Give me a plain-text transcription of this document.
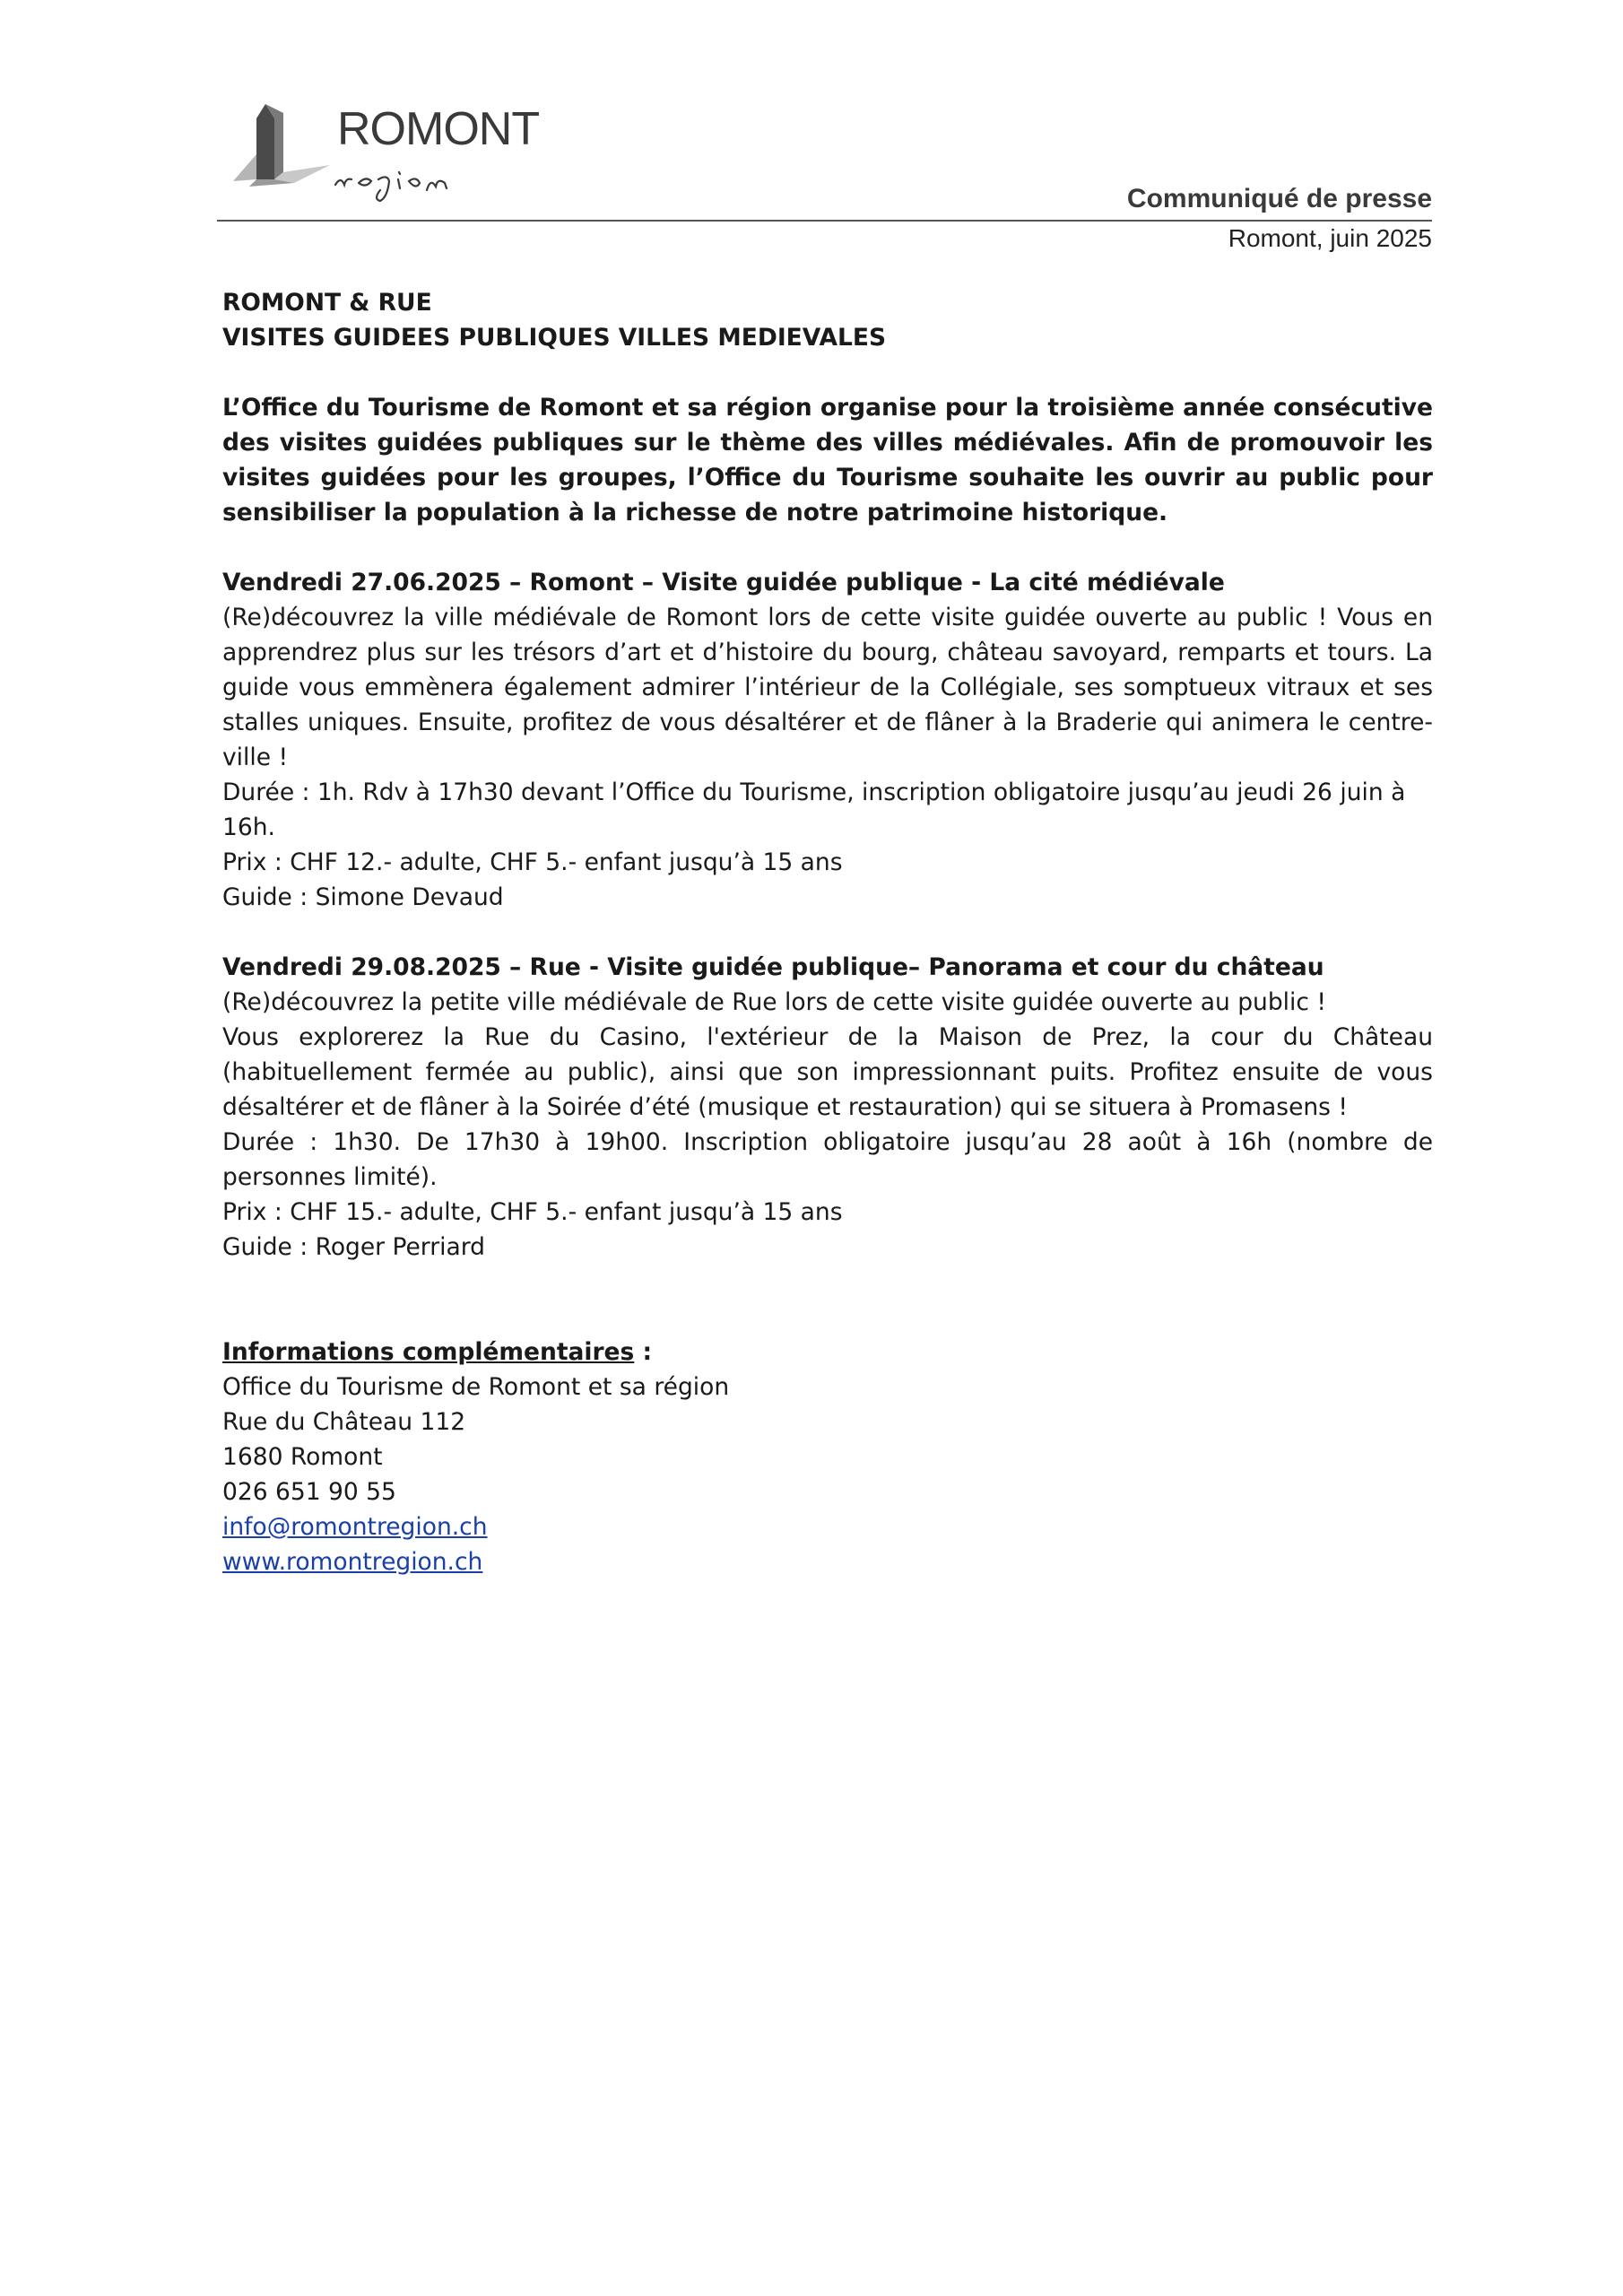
ROMONT
Communiqué de presse
Romont, juin 2025

ROMONT & RUE

VISITES GUIDEES PUBLIQUES VILLES MEDIEVALES

L’Office du Tourisme de Romont et sa région organise pour la troisième année consécutive des visites guidées publiques sur le thème des villes médiévales. Afin de promouvoir les visites guidées pour les groupes, l’Office du Tourisme souhaite les ouvrir au public pour sensibiliser la population à la richesse de notre patrimoine historique.

Vendredi 27.06.2025 – Romont – Visite guidée publique - La cité médiévale

(Re)découvrez la ville médiévale de Romont lors de cette visite guidée ouverte au public ! Vous en apprendrez plus sur les trésors d’art et d’histoire du bourg, château savoyard, remparts et tours. La guide vous emmènera également admirer l’intérieur de la Collégiale, ses somptueux vitraux et ses stalles uniques. Ensuite, profitez de vous désaltérer et de flâner à la Braderie qui animera le centre-ville !

Durée : 1h. Rdv à 17h30 devant l’Office du Tourisme, inscription obligatoire jusqu’au jeudi 26 juin à 16h.

Prix : CHF 12.- adulte, CHF 5.- enfant jusqu’à 15 ans

Guide : Simone Devaud

Vendredi 29.08.2025 – Rue - Visite guidée publique– Panorama et cour du château

(Re)découvrez la petite ville médiévale de Rue lors de cette visite guidée ouverte au public !

Vous explorerez la Rue du Casino, l'extérieur de la Maison de Prez, la cour du Château (habituellement fermée au public), ainsi que son impressionnant puits. Profitez ensuite de vous désaltérer et de flâner à la Soirée d’été (musique et restauration) qui se situera à Promasens !

Durée : 1h30. De 17h30 à 19h00. Inscription obligatoire jusqu’au 28 août à 16h (nombre de personnes limité).

Prix : CHF 15.- adulte, CHF 5.- enfant jusqu’à 15 ans

Guide : Roger Perriard

Informations complémentaires :

Office du Tourisme de Romont et sa région

Rue du Château 112

1680 Romont

026 651 90 55

info@romontregion.ch

www.romontregion.ch
